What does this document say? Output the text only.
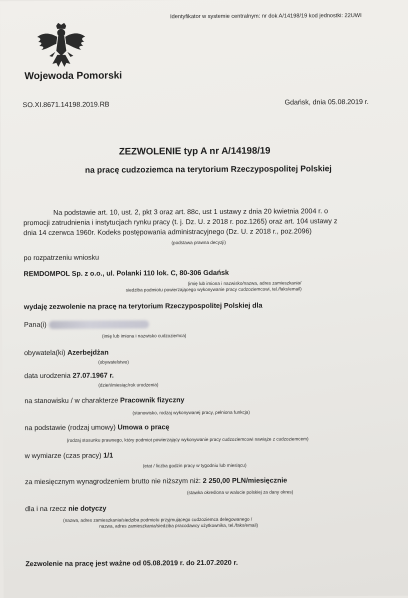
Identyfikator w systemie centralnym: nr dok A/14198/19 kod jednostki: 22UWI
Wojewoda Pomorski
SO.XI.8671.14198.2019.RB	Gdańsk, dnia 05.08.2019 r.
ZEZWOLENIE typ A nr A/14198/19
na pracę cudzoziemca na terytorium Rzeczypospolitej Polskiej
Na podstawie art. 10, ust. 2, pkt 3 oraz art. 88c, ust 1 ustawy z dnia 20 kwietnia 2004 r. o
promocji zatrudnienia i instytucjach rynku pracy (t. j. Dz. U. z 2018 r. poz.1265) oraz art. 104 ustawy z
dnia 14 czerwca 1960r. Kodeks postępowania administracyjnego (Dz. U. z 2018 r., poz.2096)
(podstawa prawna decyzji)
po rozpatrzeniu wniosku
REMDOMPOL Sp. z o.o., ul. Polanki 110 lok. C, 80-306 Gdańsk
(imię lub imiona i nazwisko/nazwa, adres zamieszkania/
siedziba podmiotu powierzającego wykonywanie pracy cudzoziemcowi, tel./faks/email)
wydaję zezwolenie na pracę na terytorium Rzeczypospolitej Polskiej dla
Pana(i)
(imię lub imiona i nazwisko cudzoziemca)
obywatela(ki) Azerbejdżan
(obywatelstwo)
data urodzenia 27.07.1967 r.
(dzień/miesiąc/rok urodzenia)
na stanowisku / w charakterze Pracownik fizyczny
(stanowisko, rodzaj wykonywanej pracy, pełniona funkcja)
na podstawie (rodzaj umowy) Umowa o pracę
(rodzaj stosunku prawnego, który podmiot powierzający wykonywanie pracy cudzoziemcowi nawiąże z cudzoziemcem)
w wymiarze (czas pracy) 1/1
(etat / liczba godzin pracy w tygodniu lub miesiącu)
za miesięcznym wynagrodzeniem brutto nie niższym niż: 2 250,00 PLN/miesięcznie
(stawka określona w walucie polskiej za dany okres)
dla i na rzecz nie dotyczy
(nazwa, adres zamieszkania/siedziba podmiotu przyjmującego cudzoziemca delegowanego /
nazwa, adres zamieszkania/siedziba pracodawcy użytkownika, tel./faks/email)
Zezwolenie na pracę jest ważne od 05.08.2019 r. do 21.07.2020 r.
